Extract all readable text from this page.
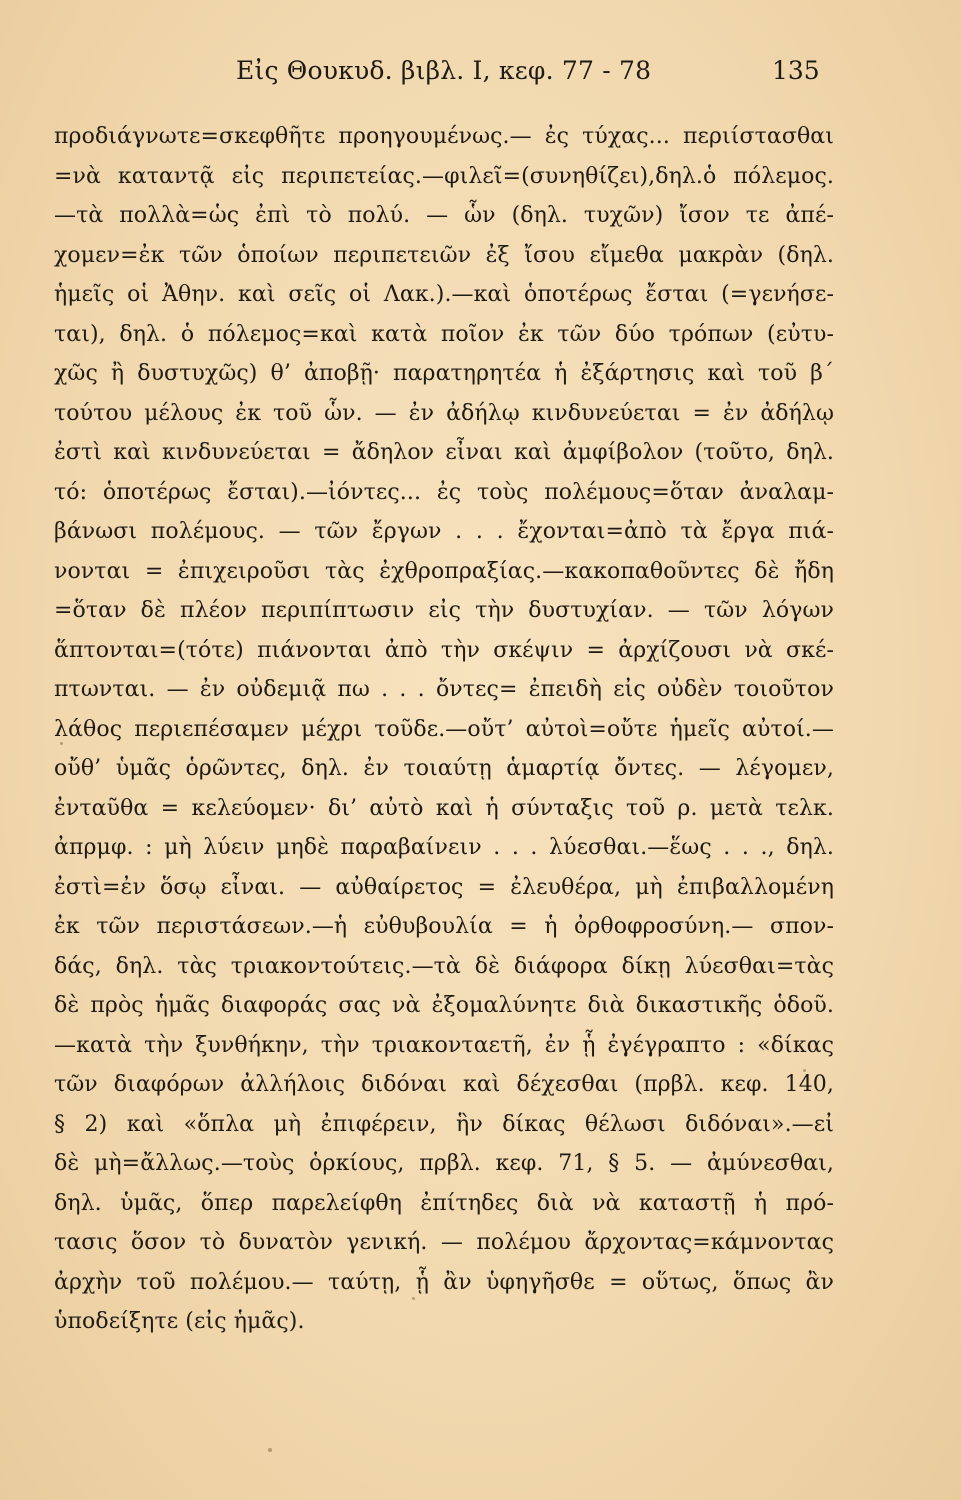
Εἰς Θουκυδ. βιβλ. Ι, κεφ. 77 - 78	135
προδιάγνωτε=σκεφθῆτε προηγουμένως.— ἐς τύχας... περιίστασθαι
=νὰ καταντᾷ εἰς περιπετείας.—φιλεῖ=(συνηθίζει),δηλ.ὁ πόλεμος.
—τὰ πολλὰ=ὡς ἐπὶ τὸ πολύ. — ὧν (δηλ. τυχῶν) ἴσον τε ἀπέ-
χομεν=ἐκ τῶν ὁποίων περιπετειῶν ἐξ ἴσου εἴμεθα μακρὰν (δηλ.
ἡμεῖς οἱ Ἀθην. καὶ σεῖς οἱ Λακ.).—καὶ ὁποτέρως ἔσται (=γενήσε-
ται), δηλ. ὁ πόλεμος=καὶ κατὰ ποῖον ἐκ τῶν δύο τρόπων (εὐτυ-
χῶς ἢ δυστυχῶς) θ’ ἀποβῇ· παρατηρητέα ἡ ἐξάρτησις καὶ τοῦ β΄
τούτου μέλους ἐκ τοῦ ὧν. — ἐν ἀδήλῳ κινδυνεύεται = ἐν ἀδήλῳ
ἐστὶ καὶ κινδυνεύεται = ἄδηλον εἶναι καὶ ἀμφίβολον (τοῦτο, δηλ.
τό: ὁποτέρως ἔσται).—ἰόντες... ἐς τοὺς πολέμους=ὅταν ἀναλαμ-
βάνωσι πολέμους. — τῶν ἔργων . . . ἔχονται=ἀπὸ τὰ ἔργα πιά-
νονται = ἐπιχειροῦσι τὰς ἐχθροπραξίας.—κακοπαθοῦντες δὲ ἤδη
=ὅταν δὲ πλέον περιπίπτωσιν εἰς τὴν δυστυχίαν. — τῶν λόγων
ἅπτονται=(τότε) πιάνονται ἀπὸ τὴν σκέψιν = ἀρχίζουσι νὰ σκέ-
πτωνται. — ἐν οὐδεμιᾷ πω . . . ὄντες= ἐπειδὴ εἰς οὐδὲν τοιοῦτον
λάθος περιεπέσαμεν μέχρι τοῦδε.—οὔτ’ αὐτοὶ=οὔτε ἡμεῖς αὐτοί.—
οὔθ’ ὑμᾶς ὁρῶντες, δηλ. ἐν τοιαύτῃ ἁμαρτίᾳ ὄντες. — λέγομεν,
ἐνταῦθα = κελεύομεν· δι’ αὐτὸ καὶ ἡ σύνταξις τοῦ ρ. μετὰ τελκ.
ἀπρμφ. : μὴ λύειν μηδὲ παραβαίνειν . . . λύεσθαι.—ἕως . . ., δηλ.
ἐστὶ=ἐν ὅσῳ εἶναι. — αὐθαίρετος = ἐλευθέρα, μὴ ἐπιβαλλομένη
ἐκ τῶν περιστάσεων.—ἡ εὐθυβουλία = ἡ ὀρθοφροσύνη.— σπον-
δάς, δηλ. τὰς τριακοντούτεις.—τὰ δὲ διάφορα δίκῃ λύεσθαι=τὰς
δὲ πρὸς ἡμᾶς διαφοράς σας νὰ ἐξομαλύνητε διὰ δικαστικῆς ὁδοῦ.
—κατὰ τὴν ξυνθήκην, τὴν τριακονταετῆ, ἐν ᾗ ἐγέγραπτο : «δίκας
τῶν διαφόρων ἀλλήλοις διδόναι καὶ δέχεσθαι (πρβλ. κεφ. 140,
§ 2) καὶ «ὅπλα μὴ ἐπιφέρειν, ἣν δίκας θέλωσι διδόναι».—εἰ
δὲ μὴ=ἄλλως.—τοὺς ὁρκίους, πρβλ. κεφ. 71, § 5. — ἀμύνεσθαι,
δηλ. ὑμᾶς, ὅπερ παρελείφθη ἐπίτηδες διὰ νὰ καταστῇ ἡ πρό-
τασις ὅσον τὸ δυνατὸν γενική. — πολέμου ἄρχοντας=κάμνοντας
ἀρχὴν τοῦ πολέμου.— ταύτῃ, ᾗ ἂν ὑφηγῆσθε = οὕτως, ὅπως ἂν
ὑποδείξητε (εἰς ἡμᾶς).
